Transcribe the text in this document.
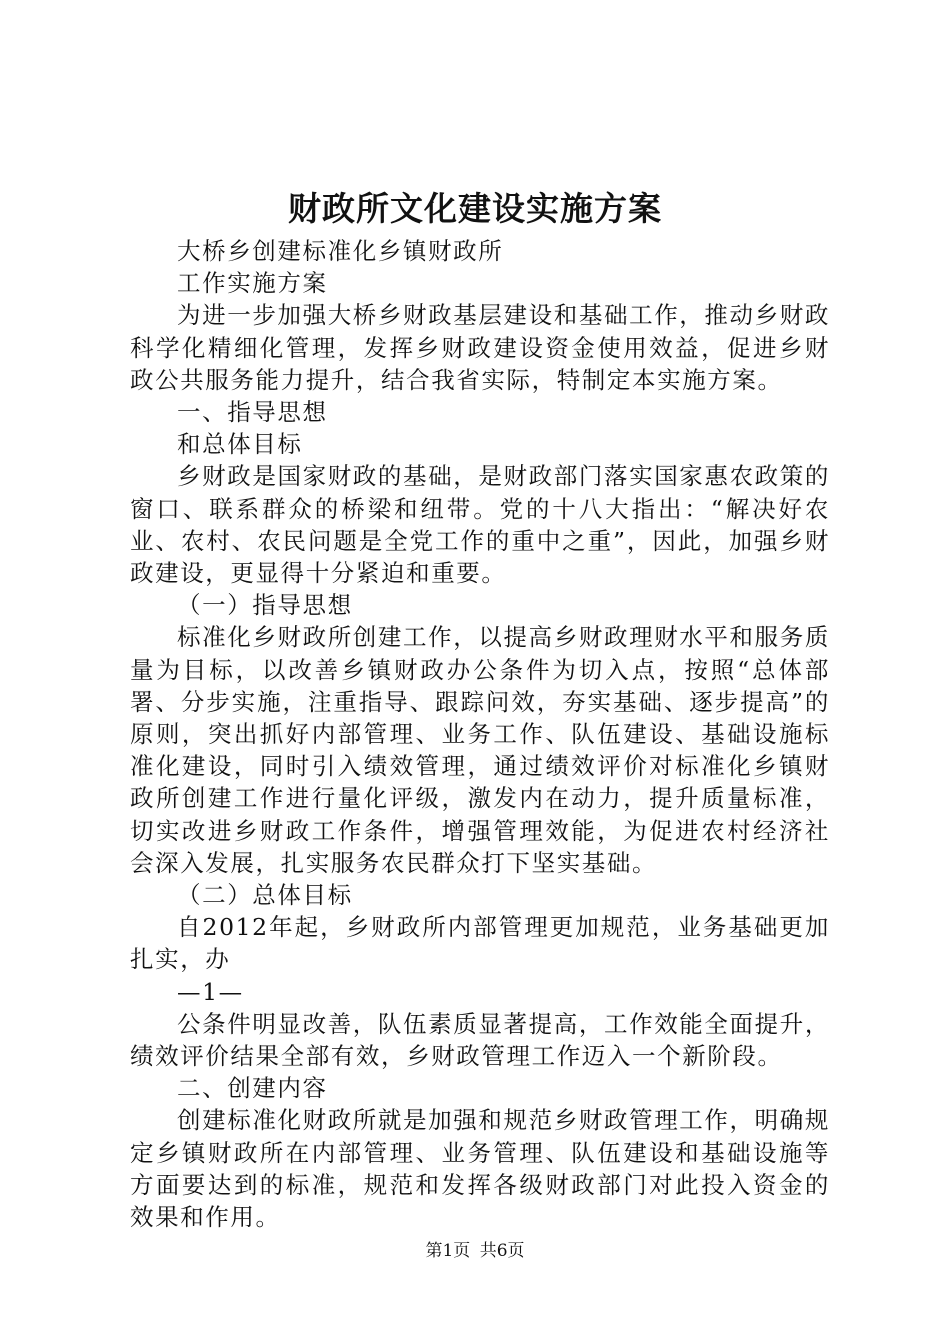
财政所文化建设实施方案

大桥乡创建标准化乡镇财政所

工作实施方案

为进一步加强大桥乡财政基层建设和基础工作，推动乡财政科学化精细化管理，发挥乡财政建设资金使用效益，促进乡财政公共服务能力提升，结合我省实际，特制定本实施方案。

一、指导思想

和总体目标

乡财政是国家财政的基础，是财政部门落实国家惠农政策的窗口、联系群众的桥梁和纽带。党的十八大指出：“解决好农业、农村、农民问题是全党工作的重中之重”，因此，加强乡财政建设，更显得十分紧迫和重要。

（一）指导思想

标准化乡财政所创建工作，以提高乡财政理财水平和服务质量为目标，以改善乡镇财政办公条件为切入点，按照“总体部署、分步实施，注重指导、跟踪问效，夯实基础、逐步提高”的原则，突出抓好内部管理、业务工作、队伍建设、基础设施标准化建设，同时引入绩效管理，通过绩效评价对标准化乡镇财政所创建工作进行量化评级，激发内在动力，提升质量标准，切实改进乡财政工作条件，增强管理效能，为促进农村经济社会深入发展，扎实服务农民群众打下坚实基础。

（二）总体目标

自2012年起，乡财政所内部管理更加规范，业务基础更加扎实，办

—1—

公条件明显改善，队伍素质显著提高，工作效能全面提升，绩效评价结果全部有效，乡财政管理工作迈入一个新阶段。

二、创建内容

创建标准化财政所就是加强和规范乡财政管理工作，明确规定乡镇财政所在内部管理、业务管理、队伍建设和基础设施等方面要达到的标准，规范和发挥各级财政部门对此投入资金的效果和作用。

第1页 共6页
